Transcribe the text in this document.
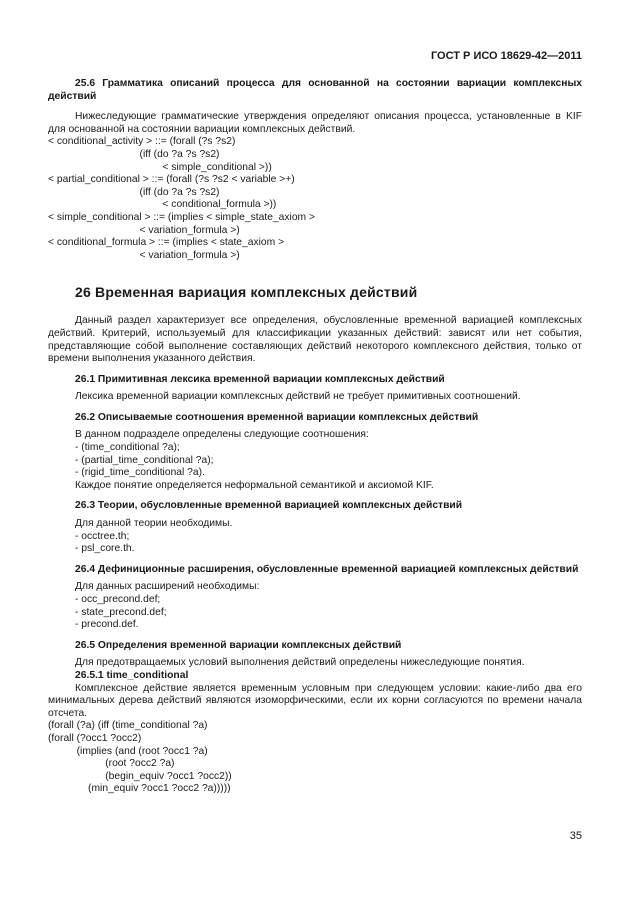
ГОСТ Р ИСО 18629-42—2011

25.6 Грамматика описаний процесса для основанной на состоянии вариации комплексных действий

Нижеследующие грамматические утверждения определяют описания процесса, установленные в KIF для основанной на состоянии вариации комплексных действий.

< conditional_activity > ::= (forall (?s ?s2)

(iff (do ?a ?s ?s2)

< simple_conditional >))

< partial_conditional > ::= (forall (?s ?s2 < variable >+)

(iff (do ?a ?s ?s2)

< conditional_formula >))

< simple_conditional > ::= (implies < simple_state_axiom >

< variation_formula >)

< conditional_formula > ::= (implies < state_axiom >

< variation_formula >)

26 Временная вариация комплексных действий

Данный раздел характеризует все определения, обусловленные временной вариацией комплексных действий. Критерий, используемый для классификации указанных действий: зависят или нет события, представляющие собой выполнение составляющих действий некоторого комплексного действия, только от времени выполнения указанного действия.

26.1 Примитивная лексика временной вариации комплексных действий

Лексика временной вариации комплексных действий не требует примитивных соотношений.

26.2 Описываемые соотношения временной вариации комплексных действий

В данном подразделе определены следующие соотношения:

- (time_conditional ?a);

- (partial_time_conditional ?a);

- (rigid_time_conditional ?a).

Каждое понятие определяется неформальной семантикой и аксиомой KIF.

26.3 Теории, обусловленные временной вариацией комплексных действий

Для данной теории необходимы.

- occtree.th;

- psl_core.th.

26.4 Дефиниционные расширения, обусловленные временной вариацией комплексных действий

Для данных расширений необходимы:

- occ_precond.def;

- state_precond.def;

- precond.def.

26.5 Определения временной вариации комплексных действий

Для предотвращаемых условий выполнения действий определены нижеследующие понятия.

26.5.1 time_conditional

Комплексное действие является временным условным при следующем условии: какие-либо два его минимальных дерева действий являются изоморфическими, если их корни согласуются по времени начала отсчета.

(forall (?a) (iff (time_conditional ?a)

(forall (?occ1 ?occ2)

(implies (and (root ?occ1 ?a)

(root ?occ2 ?a)

(begin_equiv ?occ1 ?occ2))

(min_equiv ?occ1 ?occ2 ?a)))))

35
